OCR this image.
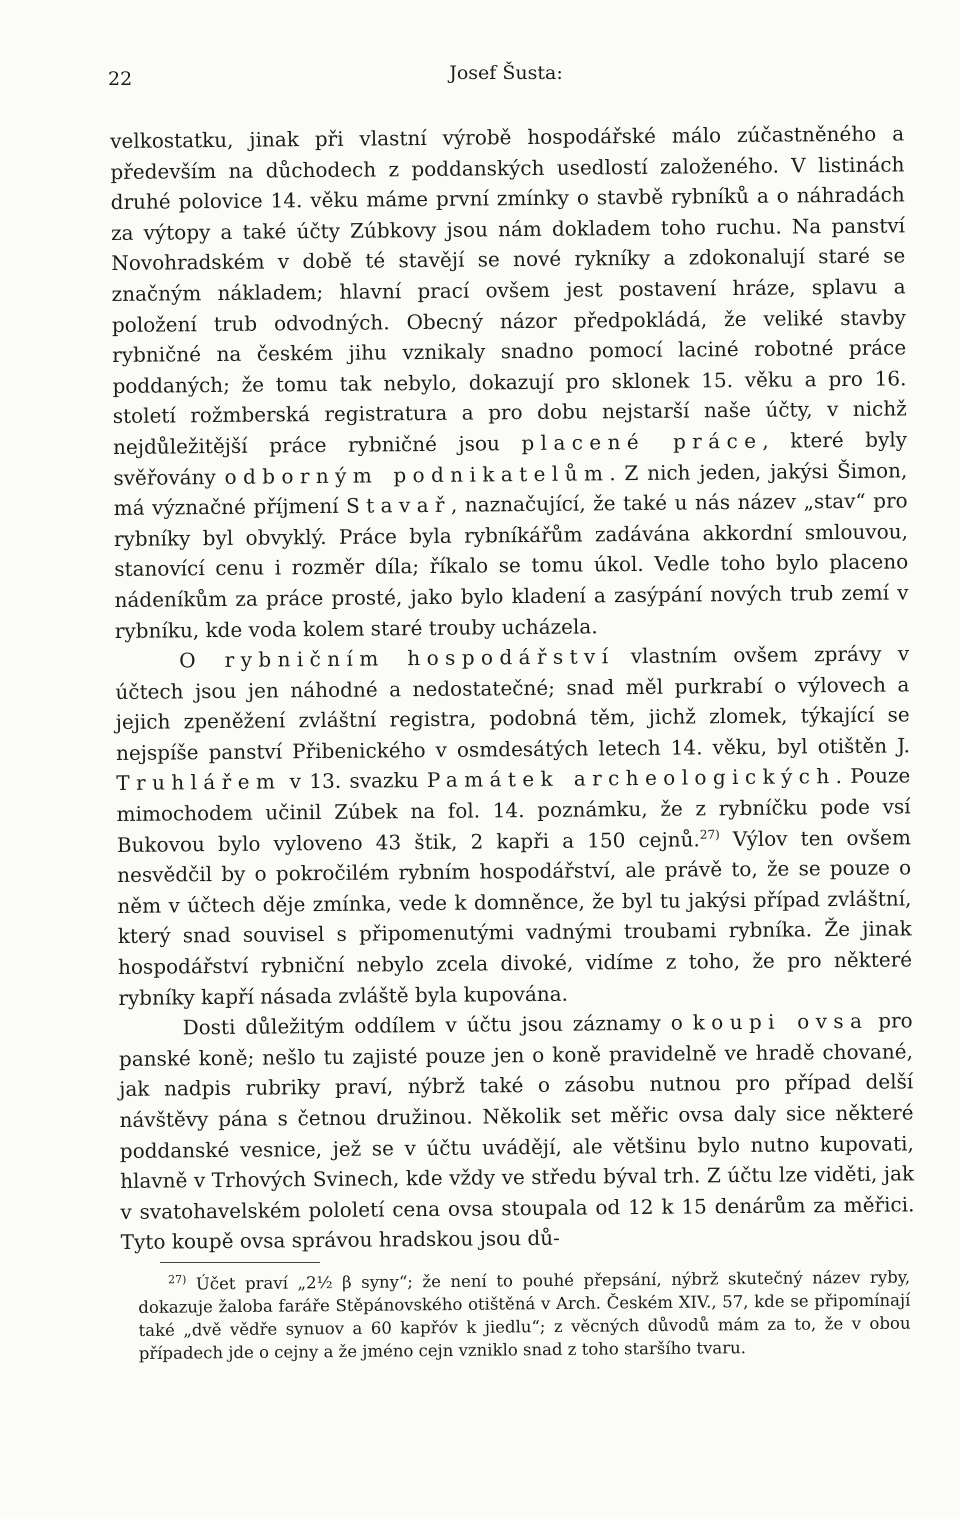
22	Josef Šusta:

velkostatku, jinak při vlastní výrobě hospodářské málo zúčastněného a především na důchodech z poddanských usedlostí založeného. V listinách druhé polovice 14. věku máme první zmínky o stavbě rybníků a o náhradách za výtopy a také účty Zúbkovy jsou nám dokladem toho ruchu. Na panství Novohradském v době té stavějí se nové rykníky a zdokonalují staré se značným nákladem; hlavní prací ovšem jest postavení hráze, splavu a položení trub odvodných. Obecný názor předpokládá, že veliké stavby rybničné na českém jihu vznikaly snadno pomocí laciné robotné práce poddaných; že tomu tak nebylo, dokazují pro sklonek 15. věku a pro 16. století rožmberská registratura a pro dobu nejstarší naše účty, v nichž nejdůležitější práce rybničné jsou placené práce, které byly svěřovány odborným podnikatelům. Z nich jeden, jakýsi Šimon, má význačné příjmení Stavař, naznačující, že také u nás název „stav“ pro rybníky byl obvyklý. Práce byla rybníkářům zadávána akkordní smlouvou, stanovící cenu i rozměr díla; říkalo se tomu úkol. Vedle toho bylo placeno nádeníkům za práce prosté, jako bylo kladení a zasýpání nových trub zemí v rybníku, kde voda kolem staré trouby ucházela.

O rybničním hospodářství vlastním ovšem zprávy v účtech jsou jen náhodné a nedostatečné; snad měl purkrabí o výlovech a jejich zpeněžení zvláštní registra, podobná těm, jichž zlomek, týkající se nejspíše panství Přibenického v osmdesátých letech 14. věku, byl otištěn J. Truhlářem v 13. svazku Památek archeologických. Pouze mimochodem učinil Zúbek na fol. 14. poznámku, že z rybníčku pode vsí Bukovou bylo vyloveno 43 štik, 2 kapři a 150 cejnů.$^{27)}$ Výlov ten ovšem nesvědčil by o pokročilém rybním hospodářství, ale právě to, že se pouze o něm v účtech děje zmínka, vede k domněnce, že byl tu jakýsi případ zvláštní, který snad souvisel s připomenutými vadnými troubami rybníka. Že jinak hospodářství rybniční nebylo zcela divoké, vidíme z toho, že pro některé rybníky kapří násada zvláště byla kupována.

Dosti důležitým oddílem v účtu jsou záznamy o koupi ovsa pro panské koně; nešlo tu zajisté pouze jen o koně pravidelně ve hradě chované, jak nadpis rubriky praví, nýbrž také o zásobu nutnou pro případ delší návštěvy pána s četnou družinou. Několik set měřic ovsa daly sice některé poddanské vesnice, jež se v účtu uvádějí, ale většinu bylo nutno kupovati, hlavně v Trhových Svinech, kde vždy ve středu býval trh. Z účtu lze viděti, jak v svatohavelském pololetí cena ovsa stoupala od 12 k 15 denárům za měřici. Tyto koupě ovsa správou hradskou jsou dů-

$^{27)}$ Účet praví „2½ β syny“; že není to pouhé přepsání, nýbrž skutečný název ryby, dokazuje žaloba faráře Stěpánovského otištěná v Arch. Českém XIV., 57, kde se připomínají také „dvě vědře synuov a 60 kapřóv k jiedlu“; z věcných důvodů mám za to, že v obou případech jde o cejny a že jméno cejn vzniklo snad z toho staršího tvaru.
